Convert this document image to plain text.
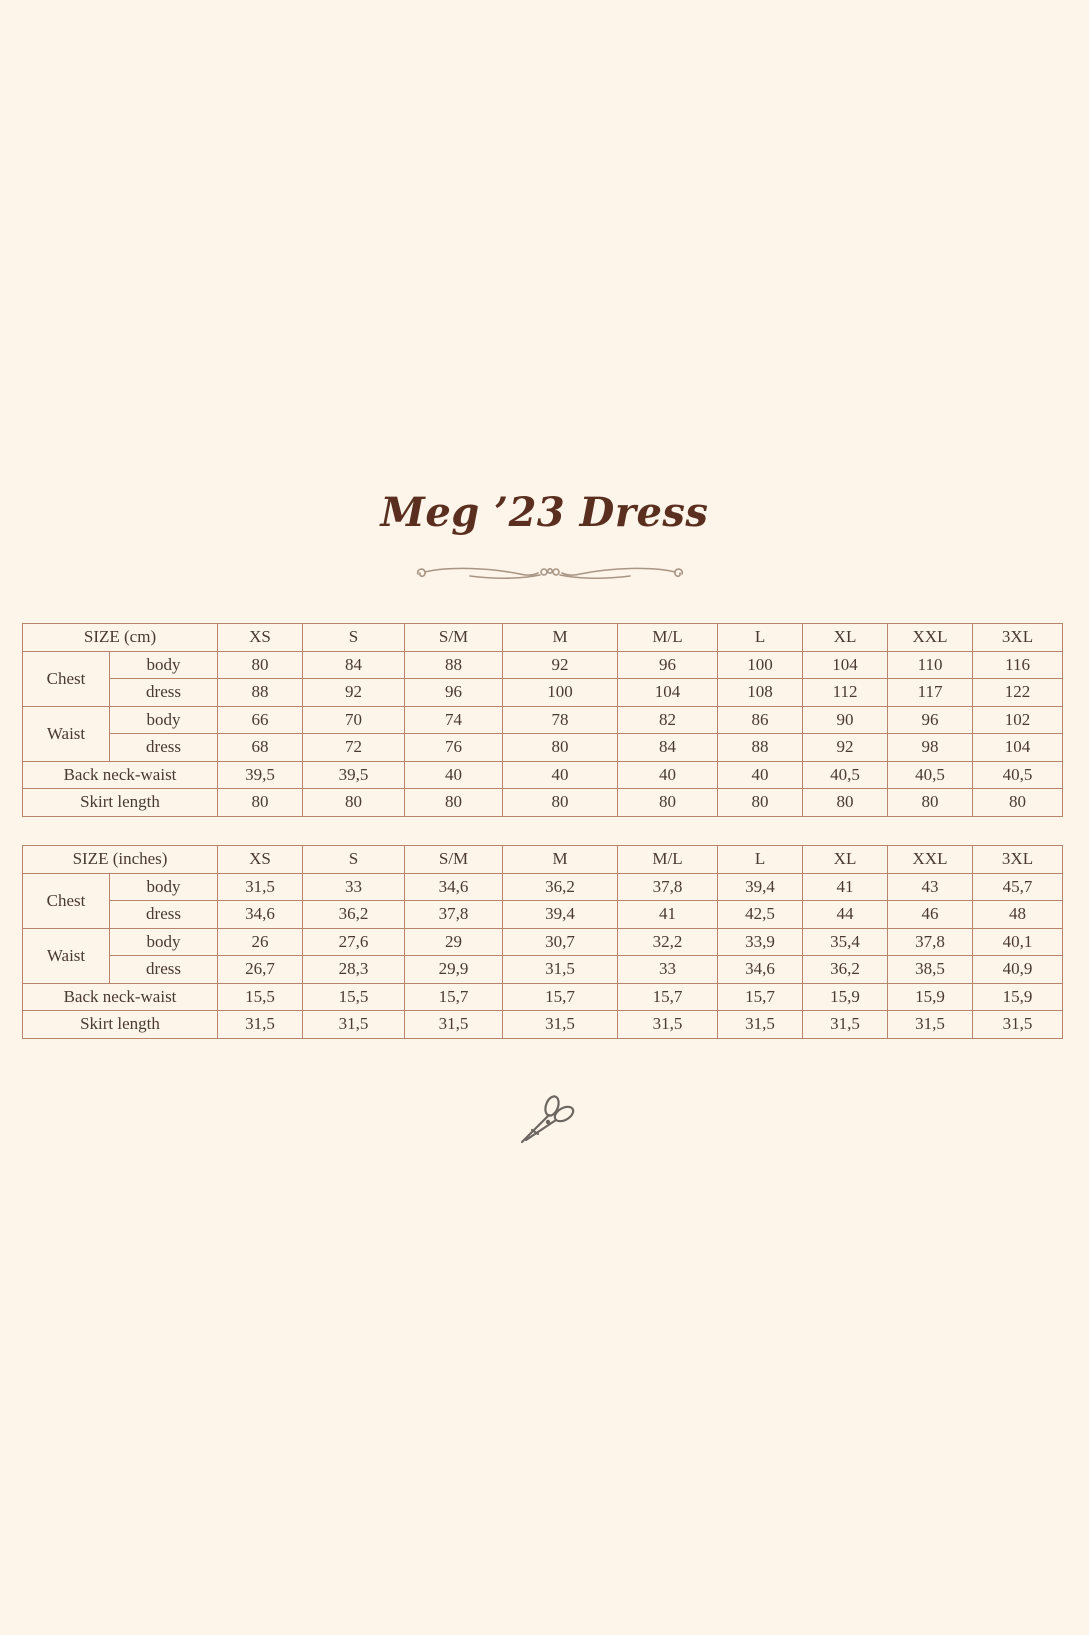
Meg ’23 Dress
SIZE (cm)		XS	S	S/M	M	M/L	L	XL	XXL	3XL
Chest	body	80	84	88	92	96	100	104	110	116
	dress	88	92	96	100	104	108	112	117	122
Waist	body	66	70	74	78	82	86	90	96	102
	dress	68	72	76	80	84	88	92	98	104
Back neck-waist		39,5	39,5	40	40	40	40	40,5	40,5	40,5
Skirt length		80	80	80	80	80	80	80	80	80
SIZE (inches)		XS	S	S/M	M	M/L	L	XL	XXL	3XL
Chest	body	31,5	33	34,6	36,2	37,8	39,4	41	43	45,7
	dress	34,6	36,2	37,8	39,4	41	42,5	44	46	48
Waist	body	26	27,6	29	30,7	32,2	33,9	35,4	37,8	40,1
	dress	26,7	28,3	29,9	31,5	33	34,6	36,2	38,5	40,9
Back neck-waist		15,5	15,5	15,7	15,7	15,7	15,7	15,9	15,9	15,9
Skirt length		31,5	31,5	31,5	31,5	31,5	31,5	31,5	31,5	31,5
